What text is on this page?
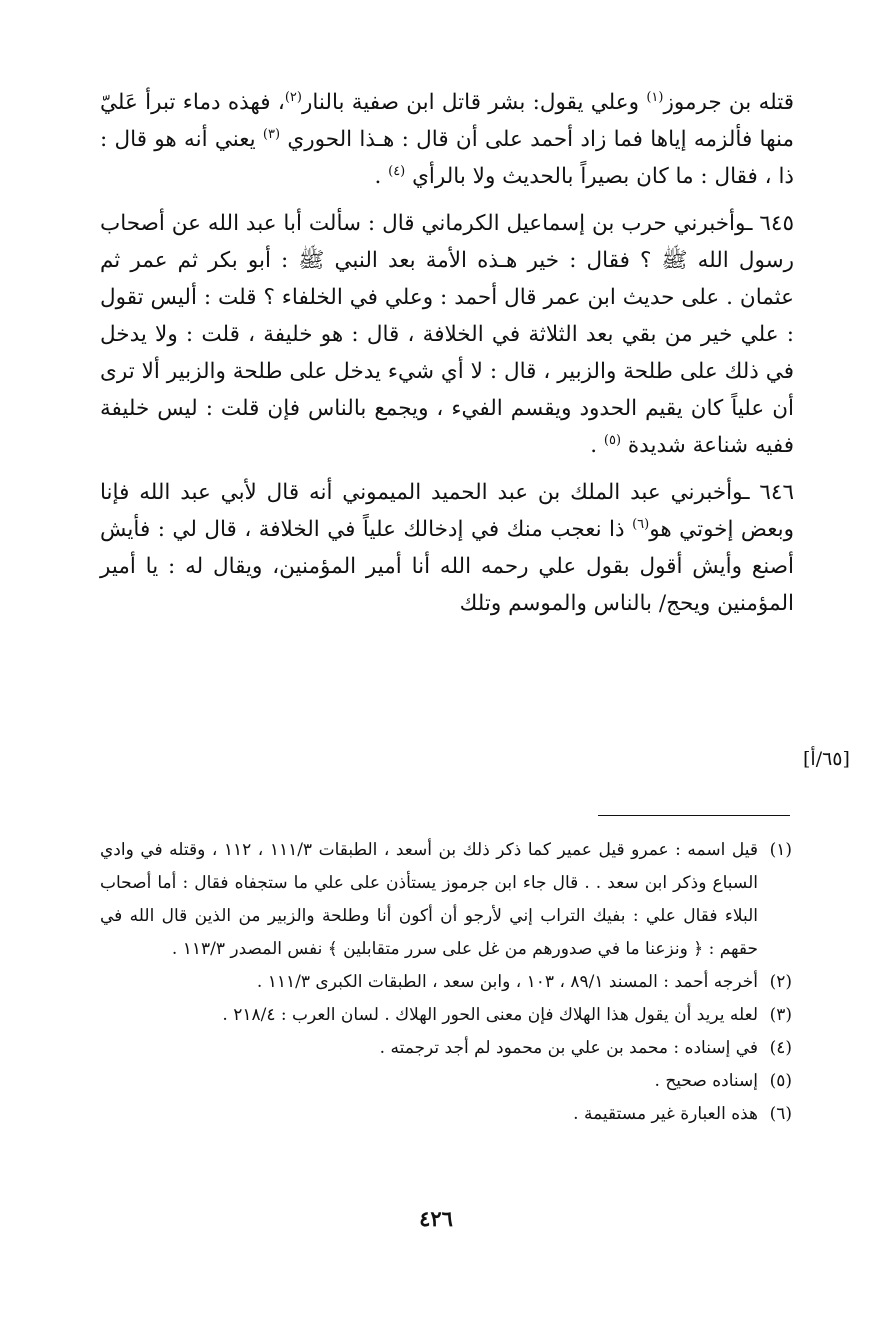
قتله بن جرموز$^{(١)}$ وعلي يقول: بشر قاتل ابن صفية بالنار$^{(٢)}$، فهذه دماء تبرأ عَليّ منها فألزمه إياها فما زاد أحمد على أن قال : هـذا الحوري $^{(٣)}$ يعني أنه هو قال : ذا ، فقال : ما كان بصيراً بالحديث ولا بالرأي $^{(٤)}$ .

٦٤٥ ـوأخبرني حرب بن إسماعيل الكرماني قال : سألت أبا عبد الله عن أصحاب رسول الله ﷺ ؟ فقال : خير هـذه الأمة بعد النبي ﷺ : أبو بكر ثم عمر ثم عثمان . على حديث ابن عمر قال أحمد : وعلي في الخلفاء ؟ قلت : أليس تقول : علي خير من بقي بعد الثلاثة في الخلافة ، قال : هو خليفة ، قلت : ولا يدخل في ذلك على طلحة والزبير ، قال : لا أي شيء يدخل على طلحة والزبير ألا ترى أن علياً كان يقيم الحدود ويقسم الفيء ، ويجمع بالناس فإن قلت : ليس خليفة ففيه شناعة شديدة $^{(٥)}$ .

٦٤٦ ـوأخبرني عبد الملك بن عبد الحميد الميموني أنه قال لأبي عبد الله فإنا وبعض إخوتي هو$^{(٦)}$ ذا نعجب منك في إدخالك علياً في الخلافة ، قال لي : فأيش أصنع وأيش أقول بقول علي رحمه الله أنا أمير المؤمنين، ويقال له : يا أمير المؤمنين ويحج/ بالناس والموسم وتلك

[٦٥/أ]

(١)
قيل اسمه : عمرو قيل عمير كما ذكر ذلك بن أسعد ، الطبقات ١١١/٣ ، ١١٢ ، وقتله في وادي السباع وذكر ابن سعد . . قال جاء ابن جرموز يستأذن على علي ما ستجفاه فقال : أما أصحاب البلاء فقال علي : بفيك التراب إني لأرجو أن أكون أنا وطلحة والزبير من الذين قال الله في حقهم : ﴿ ونزعنا ما في صدورهم من غل على سرر متقابلين ﴾ نفس المصدر ١١٣/٣ .

(٢)
أخرجه أحمد : المسند ٨٩/١ ، ١٠٣ ، وابن سعد ، الطبقات الكبرى ١١١/٣ .

(٣)
لعله يريد أن يقول هذا الهلاك فإن معنى الحور الهلاك . لسان العرب : ٢١٨/٤ .

(٤)
في إسناده : محمد بن علي بن محمود لم أجد ترجمته .

(٥)
إسناده صحيح .

(٦)
هذه العبارة غير مستقيمة .

٤٢٦
